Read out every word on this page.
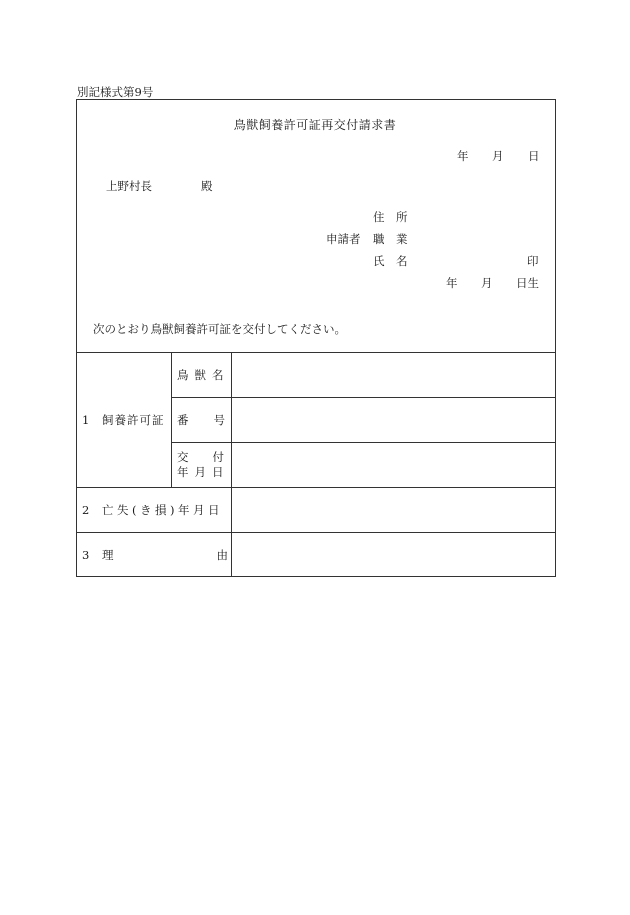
別記様式第9号
鳥獣飼養許可証再交付請求書
年 月 日
上野村長	殿
住　所
申請者 職　業
氏　名	印
年 月 日生
次のとおり鳥獣飼養許可証を交付してください。
1 飼養許可証
鳥獣名
番号
交付
年月日
2 亡失(き損)年月日
3 理由
